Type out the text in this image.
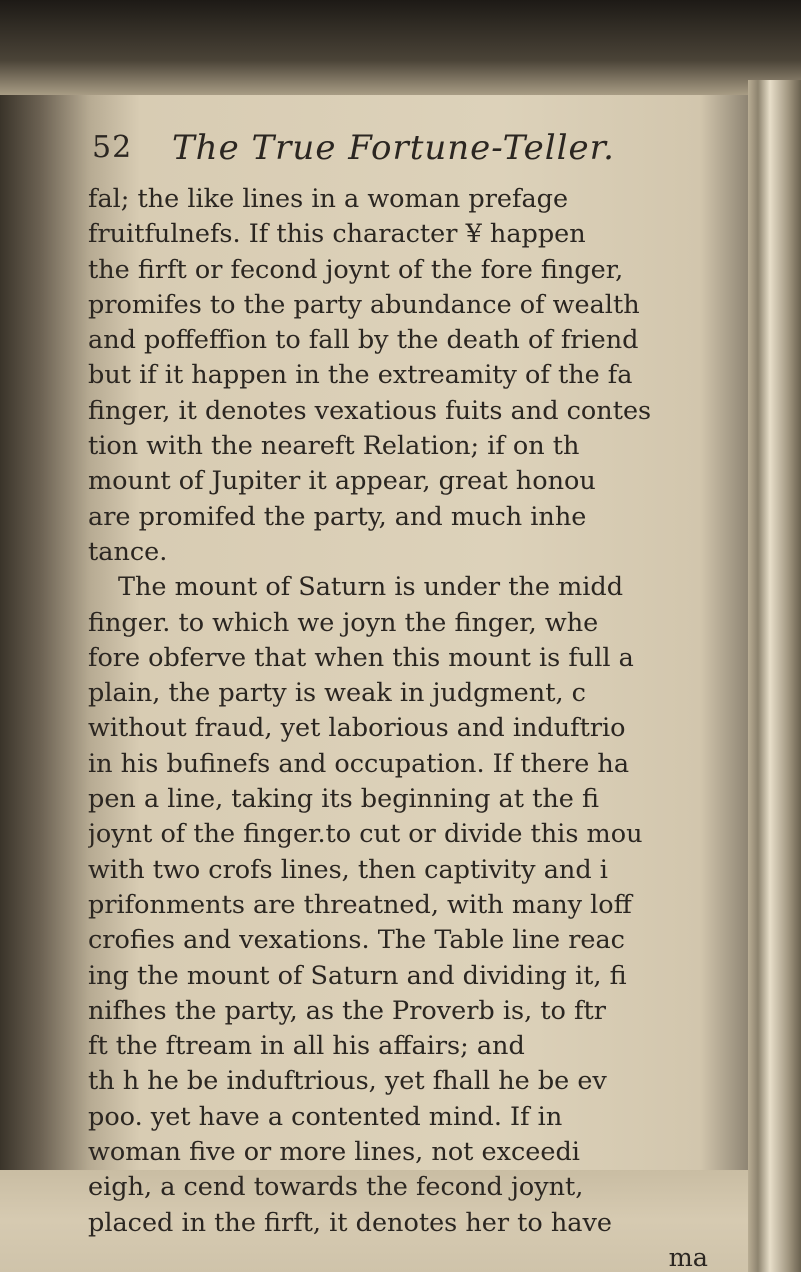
52 The True Fortune-Teller.
fal; the like lines in a woman prefage
fruitfulnefs. If this character ¥ happen
the firft or fecond joynt of the fore finger,
promifes to the party abundance of wealth
and poffeffion to fall by the death of friend
but if it happen in the extreamity of the fa
finger, it denotes vexatious fuits and contes
tion with the neareft Relation; if on th
mount of Jupiter it appear, great honou
are promifed the party, and much inhe
tance.
The mount of Saturn is under the midd
finger. to which we joyn the finger, whe
fore obferve that when this mount is full a
plain, the party is weak in judgment, c
without fraud, yet laborious and induftrio
in his bufinefs and occupation. If there ha
pen a line, taking its beginning at the fi
joynt of the finger.to cut or divide this mou
with two crofs lines, then captivity and i
prifonments are threatned, with many loff
crofies and vexations. The Table line reac
ing the mount of Saturn and dividing it, fi
nifhes the party, as the Proverb is, to ftr
ft the ftream in all his affairs; and
th h he be induftrious, yet fhall he be ev
poo. yet have a contented mind. If in
woman five or more lines, not exceedi
eigh, a cend towards the fecond joynt,
placed in the firft, it denotes her to have
ma
